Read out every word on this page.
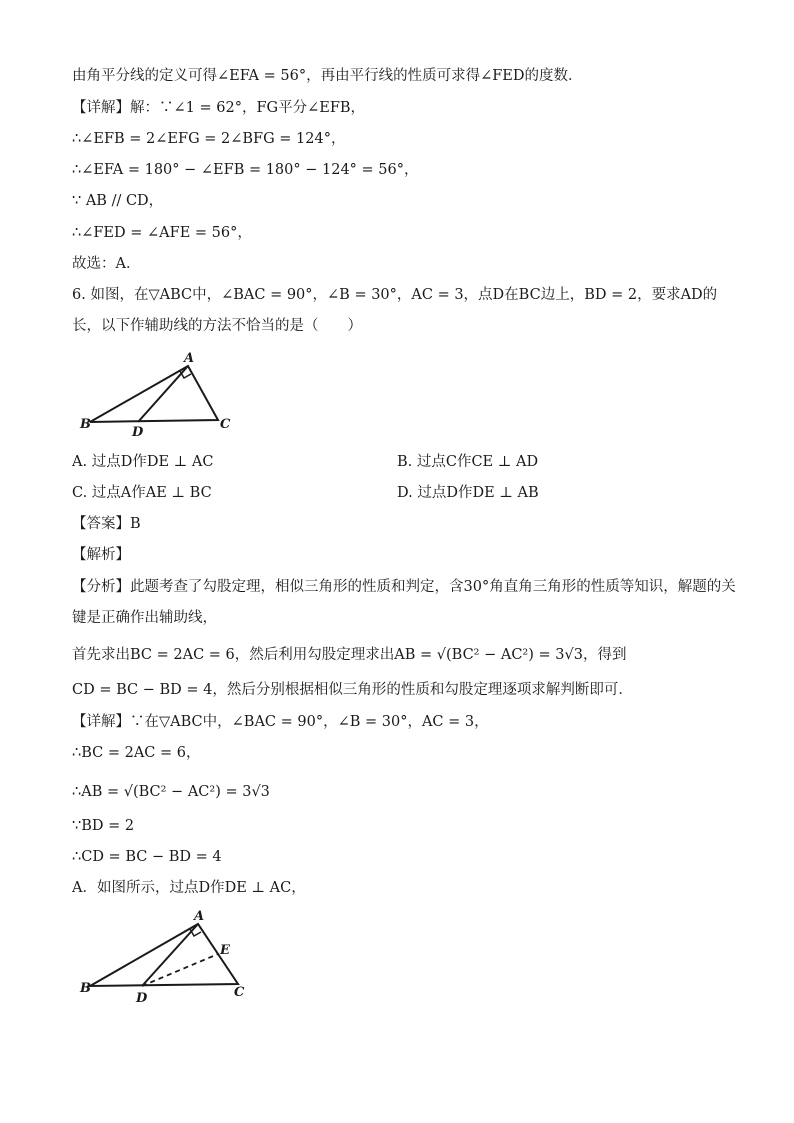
由角平分线的定义可得∠EFA = 56°，再由平行线的性质可求得∠FED的度数．
【详解】解：∵∠1 = 62°，FG平分∠EFB，
∴∠EFB = 2∠EFG = 2∠BFG = 124°，
∴∠EFA = 180° − ∠EFB = 180° − 124° = 56°，
∵ AB // CD，
∴∠FED = ∠AFE = 56°，
故选：A．
6. 如图，在▽ABC中，∠BAC = 90°，∠B = 30°，AC = 3，点D在BC边上，BD = 2，要求AD的
长，以下作辅助线的方法不恰当的是（　　）
A
B	C
D
A. 过点D作DE ⊥ AC	B. 过点C作CE ⊥ AD
C. 过点A作AE ⊥ BC	D. 过点D作DE ⊥ AB
【答案】B
【解析】
【分析】此题考查了勾股定理，相似三角形的性质和判定，含30°角直角三角形的性质等知识，解题的关
键是正确作出辅助线，
首先求出BC = 2AC = 6，然后利用勾股定理求出AB = √(BC² − AC²) = 3√3，得到
CD = BC − BD = 4，然后分别根据相似三角形的性质和勾股定理逐项求解判断即可．
【详解】∵在▽ABC中，∠BAC = 90°，∠B = 30°，AC = 3，
∴BC = 2AC = 6，
∴AB = √(BC² − AC²) = 3√3
∵BD = 2
∴CD = BC − BD = 4
A．如图所示，过点D作DE ⊥ AC，
A
B	C
D
E
